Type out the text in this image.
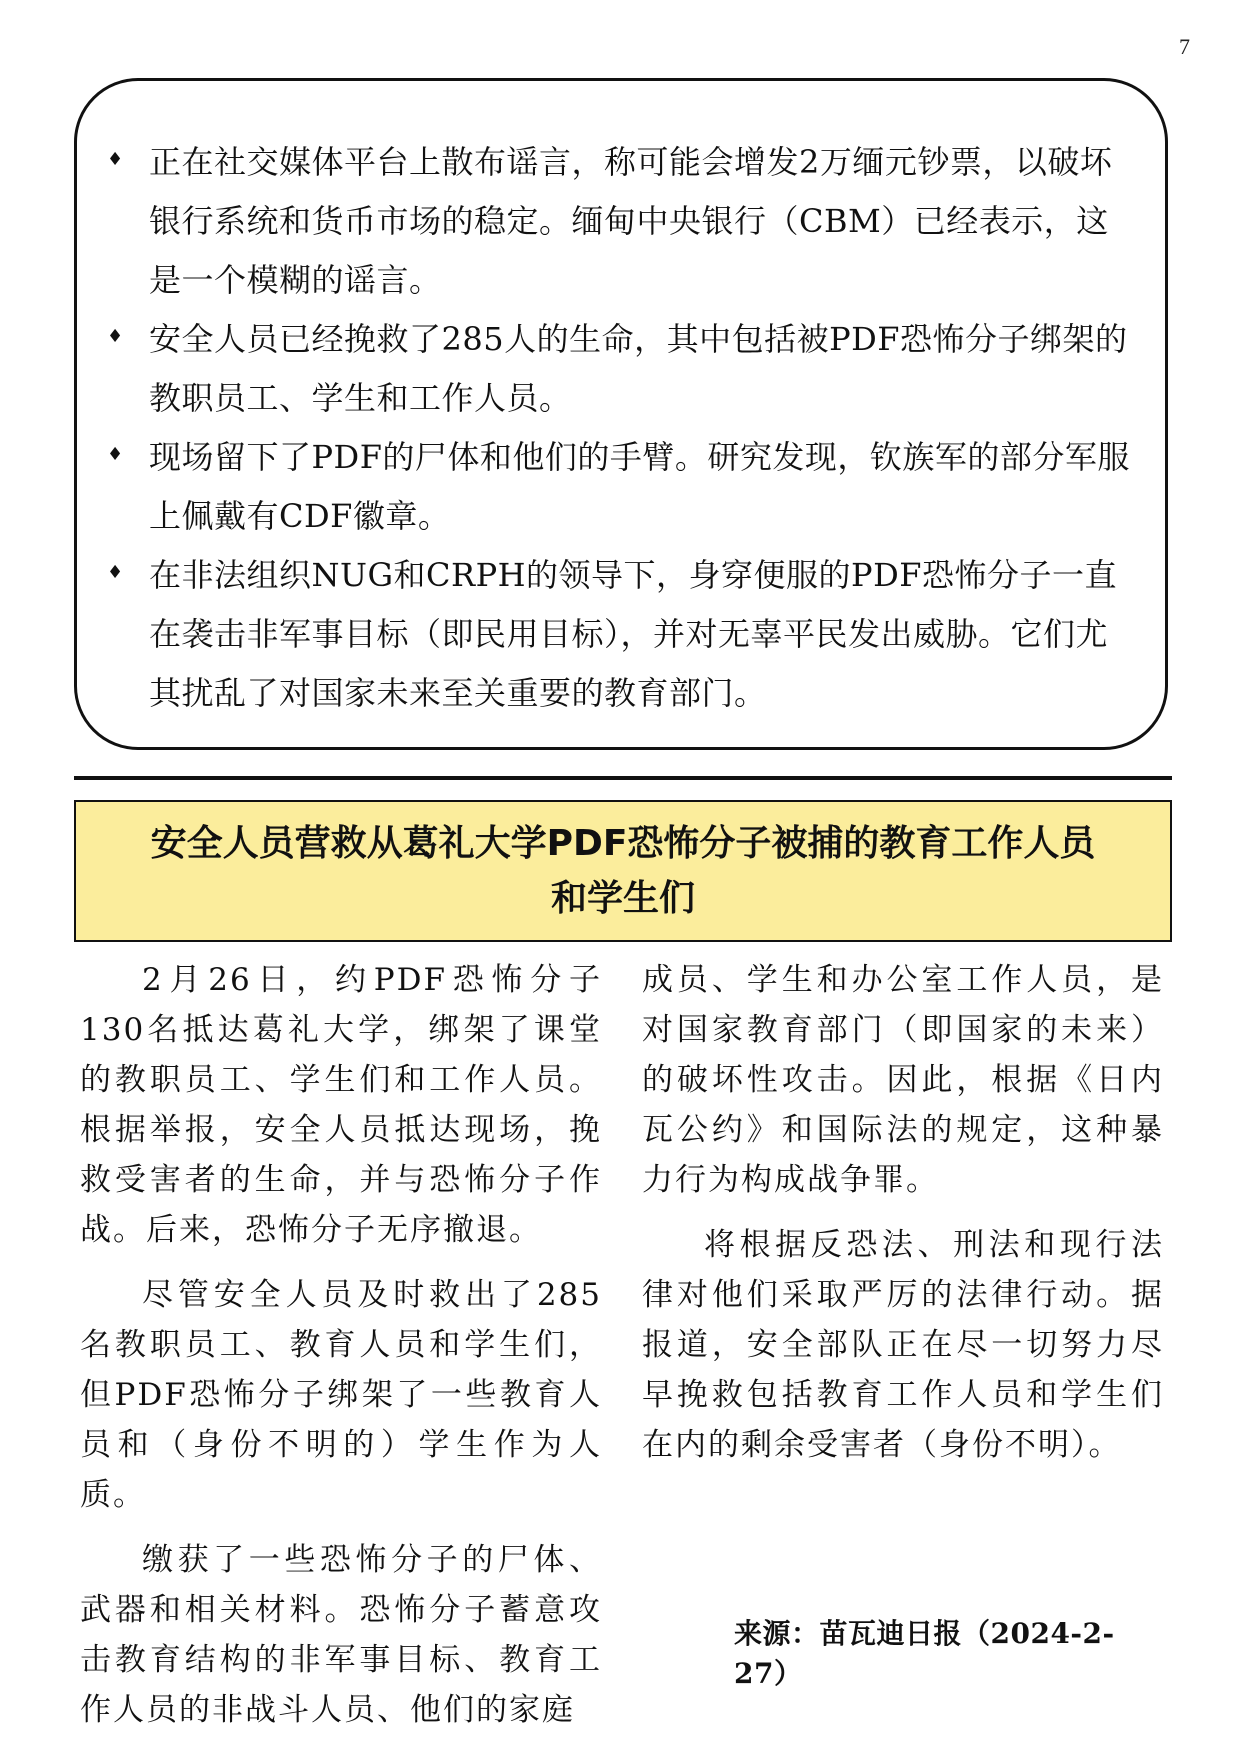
7
♦ 正在社交媒体平台上散布谣言，称可能会增发2万缅元钞票，以破坏银行系统和货币市场的稳定。缅甸中央银行（CBM）已经表示，这是一个模糊的谣言。
♦ 安全人员已经挽救了285人的生命，其中包括被PDF恐怖分子绑架的教职员工、学生和工作人员。
♦ 现场留下了PDF的尸体和他们的手臂。研究发现，钦族军的部分军服上佩戴有CDF徽章。
♦ 在非法组织NUG和CRPH的领导下，身穿便服的PDF恐怖分子一直在袭击非军事目标（即民用目标），并对无辜平民发出威胁。它们尤其扰乱了对国家未来至关重要的教育部门。
安全人员营救从葛礼大学PDF恐怖分子被捕的教育工作人员
和学生们

2月26日，约PDF恐怖分子130名抵达葛礼大学，绑架了课堂的教职员工、学生们和工作人员。根据举报，安全人员抵达现场，挽救受害者的生命，并与恐怖分子作战。后来，恐怖分子无序撤退。

尽管安全人员及时救出了285名教职员工、教育人员和学生们，但PDF恐怖分子绑架了一些教育人员和（身份不明的）学生作为人质。

缴获了一些恐怖分子的尸体、武器和相关材料。恐怖分子蓄意攻击教育结构的非军事目标、教育工作人员的非战斗人员、他们的家庭

成员、学生和办公室工作人员，是对国家教育部门（即国家的未来）的破坏性攻击。因此，根据《日内瓦公约》和国际法的规定，这种暴力行为构成战争罪。

将根据反恐法、刑法和现行法律对他们采取严厉的法律行动。据报道，安全部队正在尽一切努力尽早挽救包括教育工作人员和学生们在内的剩余受害者（身份不明）。

来源：苗瓦迪日报（2024-2-27）
